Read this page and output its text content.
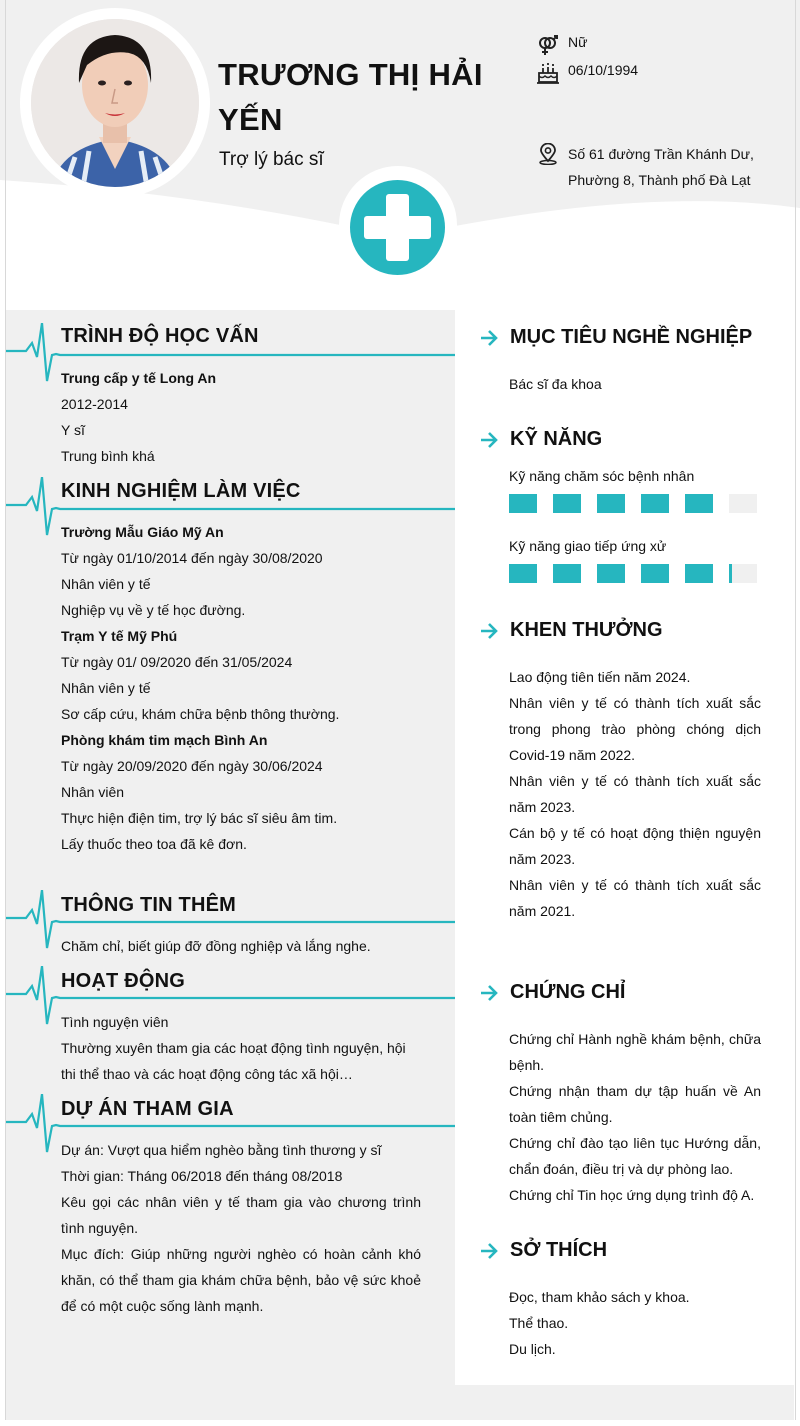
TRƯƠNG THỊ HẢI YẾN
Trợ lý bác sĩ
Nữ
06/10/1994
Số 61 đường Trần Khánh Dư,
Phường 8, Thành phố Đà Lạt
TRÌNH ĐỘ HỌC VẤN

Trung cấp y tế Long An

2012-2014

Y sĩ

Trung bình khá

KINH NGHIỆM LÀM VIỆC

Trường Mẫu Giáo Mỹ An

Từ ngày 01/10/2014 đến ngày 30/08/2020

Nhân viên y tế

Nghiệp vụ về y tế học đường.

Trạm Y tế Mỹ Phú

Từ ngày 01/ 09/2020 đến 31/05/2024

Nhân viên y tế

Sơ cấp cứu, khám chữa bệnb thông thường.

Phòng khám tim mạch Bình An

Từ ngày 20/09/2020 đến ngày 30/06/2024

Nhân viên

Thực hiện điện tim, trợ lý bác sĩ siêu âm tim.

Lấy thuốc theo toa đã kê đơn.

THÔNG TIN THÊM
Chăm chỉ, biết giúp đỡ đồng nghiệp và lắng nghe.
HOẠT ĐỘNG

Tình nguyện viên

Thường xuyên tham gia các hoạt động tình nguyện, hội thi thể thao và các hoạt động công tác xã hội…

DỰ ÁN THAM GIA

Dự án: Vượt qua hiểm nghèo bằng tình thương y sĩ

Thời gian: Tháng 06/2018 đến tháng 08/2018

Kêu gọi các nhân viên y tế tham gia vào chương trình tình nguyện.

Mục đích: Giúp những người nghèo có hoàn cảnh khó khăn, có thể tham gia khám chữa bệnh, bảo vệ sức khoẻ để có một cuộc sống lành mạnh.

MỤC TIÊU NGHỀ NGHIỆP
Bác sĩ đa khoa
KỸ NĂNG
Kỹ năng chăm sóc bệnh nhân
Kỹ năng giao tiếp ứng xử
KHEN THƯỞNG

Lao động tiên tiến năm 2024.

Nhân viên y tế có thành tích xuất sắc trong phong trào phòng chóng dịch Covid-19 năm 2022.

Nhân viên y tế có thành tích xuất sắc năm 2023.

Cán bộ y tế có hoạt động thiện nguyện năm 2023.

Nhân viên y tế có thành tích xuất sắc năm 2021.

CHỨNG CHỈ

Chứng chỉ Hành nghề khám bệnh, chữa bệnh.

Chứng nhận tham dự tập huấn về An toàn tiêm chủng.

Chứng chỉ đào tạo liên tục Hướng dẫn, chẩn đoán, điều trị và dự phòng lao.

Chứng chỉ Tin học ứng dụng trình độ A.

SỞ THÍCH

Đọc, tham khảo sách y khoa.

Thể thao.

Du lịch.
